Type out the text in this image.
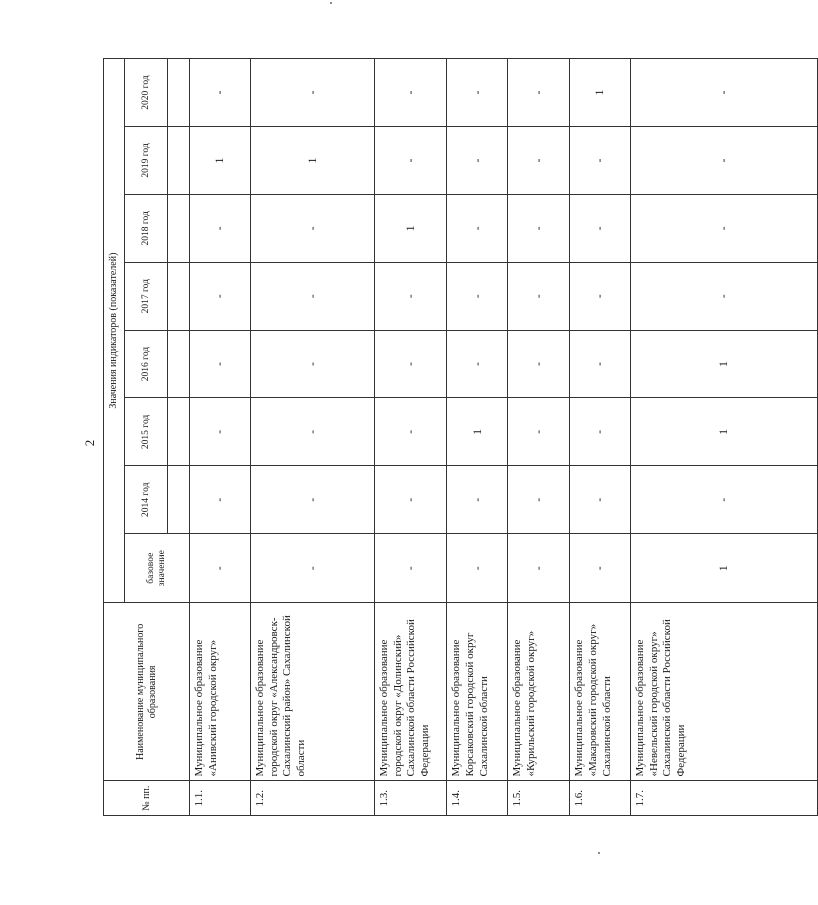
2
№ пп.	Наименование муниципального образования	Значения индикаторов (показателей)							
		базовое значение	2014 год	2015 год	2016 год	2017 год	2018 год	2019 год	2020 год

1.1.	Муниципальное образование «Анивский городской округ»	-	-	-	-	-	-	1	-
1.2.	Муниципальное образование городской округ «Александровск-Сахалинский район» Сахалинской области	-	-	-	-	-	-	1	-
1.3.	Муниципальное образование городской округ «Долинский» Сахалинской области Российской Федерации	-	-	-	-	-	1	-	-
1.4.	Муниципальное образование Корсаковский городской округ Сахалинской области	-	-	1	-	-	-	-	-
1.5.	Муниципальное образование «Курильский городской округ»	-	-	-	-	-	-	-	-
1.6.	Муниципальное образование «Макаровский городской округ» Сахалинской области	-	-	-	-	-	-	-	1
1.7.	Муниципальное образование «Невельский городской округ» Сахалинской области Российской Федерации	1	-	1	1	-	-	-	-
